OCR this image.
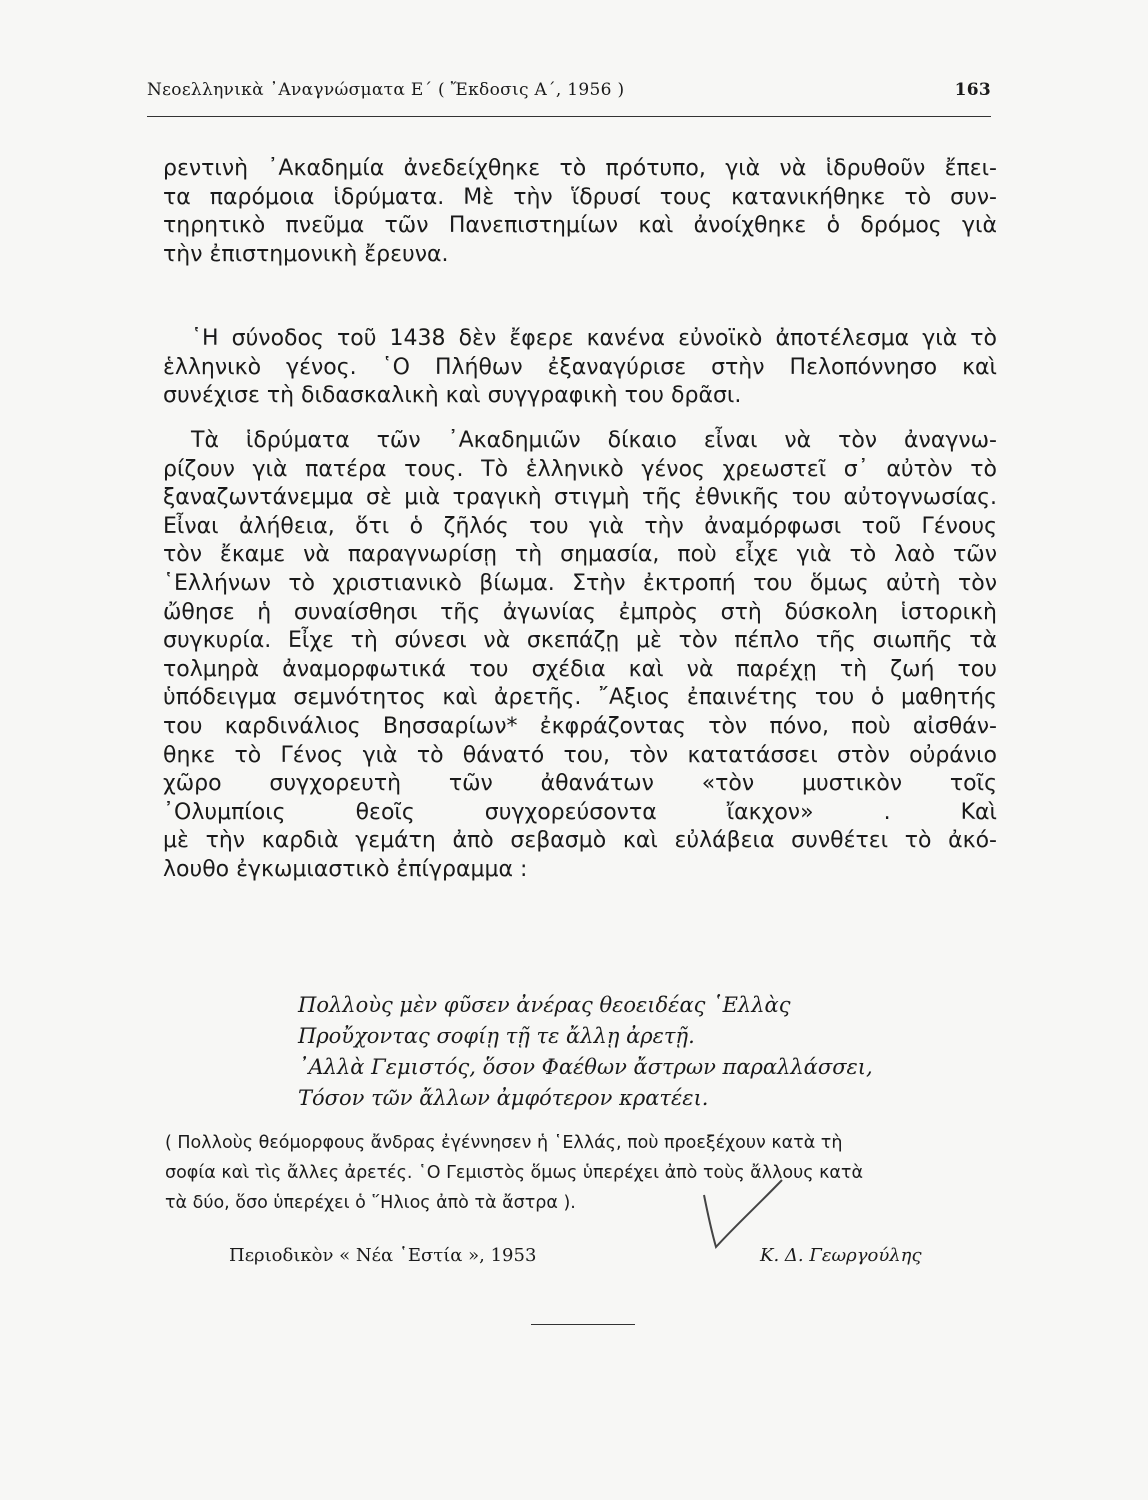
Νεοελληνικὰ ᾿Αναγνώσματα Ε΄ ( Ἔκδοσις Α΄, 1956 )	163
ρεντινὴ ᾿Ακαδημία ἀνεδείχθηκε τὸ πρότυπο, γιὰ νὰ ἱδρυθοῦν ἔπει-
τα παρόμοια ἱδρύματα. Μὲ τὴν ἵδρυσί τους κατανικήθηκε τὸ συν-
τηρητικὸ πνεῦμα τῶν Πανεπιστημίων καὶ ἀνοίχθηκε ὁ δρόμος γιὰ
τὴν ἐπιστημονικὴ ἔρευνα.
῾Η σύνοδος τοῦ 1438 δὲν ἔφερε κανένα εὐνοϊκὸ ἀποτέλεσμα γιὰ τὸ
ἑλληνικὸ γένος. ῾Ο Πλήθων ἐξαναγύρισε στὴν Πελοπόννησο καὶ
συνέχισε τὴ διδασκαλικὴ καὶ συγγραφικὴ του δρᾶσι.
Τὰ ἱδρύματα τῶν ᾿Ακαδημιῶν δίκαιο εἶναι νὰ τὸν ἀναγνω-
ρίζουν γιὰ πατέρα τους. Τὸ ἑλληνικὸ γένος χρεωστεῖ σ᾿ αὐτὸν τὸ
ξαναζωντάνεμμα σὲ μιὰ τραγικὴ στιγμὴ τῆς ἐθνικῆς του αὐτογνωσίας.
Εἶναι ἀλήθεια, ὅτι ὁ ζῆλός του γιὰ τὴν ἀναμόρφωσι τοῦ Γένους
τὸν ἔκαμε νὰ παραγνωρίσῃ τὴ σημασία, ποὺ εἶχε γιὰ τὸ λαὸ τῶν
῾Ελλήνων τὸ χριστιανικὸ βίωμα. Στὴν ἐκτροπή του ὅμως αὐτὴ τὸν
ὤθησε ἡ συναίσθησι τῆς ἀγωνίας ἐμπρὸς στὴ δύσκολη ἱστορικὴ
συγκυρία. Εἶχε τὴ σύνεσι νὰ σκεπάζῃ μὲ τὸν πέπλο τῆς σιωπῆς τὰ
τολμηρὰ ἀναμορφωτικά του σχέδια καὶ νὰ παρέχῃ τὴ ζωή του
ὑπόδειγμα σεμνότητος καὶ ἀρετῆς. ῎Αξιος ἐπαινέτης του ὁ μαθητής
του καρδινάλιος Βησσαρίων* ἐκφράζοντας τὸν πόνο, ποὺ αἰσθάν-
θηκε τὸ Γένος γιὰ τὸ θάνατό του, τὸν κατατάσσει στὸν οὐράνιο
χῶρο συγχορευτὴ τῶν ἀθανάτων «τὸν μυστικὸν τοῖς
᾿Ολυμπίοις θεοῖς συγχορεύσοντα ἴακχον» . Καὶ
μὲ τὴν καρδιὰ γεμάτη ἀπὸ σεβασμὸ καὶ εὐλάβεια συνθέτει τὸ ἀκό-
λουθο ἐγκωμιαστικὸ ἐπίγραμμα :
Πολλοὺς μὲν φῦσεν ἀνέρας θεοειδέας ῾Ελλὰς
Προὔχοντας σοφίῃ τῇ τε ἄλλῃ ἀρετῇ.
᾿Αλλὰ Γεμιστός, ὅσον Φαέθων ἄστρων παραλλάσσει,
Τόσον τῶν ἄλλων ἀμφότερον κρατέει.
( Πολλοὺς θεόμορφους ἄνδρας ἐγέννησεν ἡ ῾Ελλάς, ποὺ προεξέχουν κατὰ τὴ
σοφία καὶ τὶς ἄλλες ἀρετές. ῾Ο Γεμιστὸς ὅμως ὑπερέχει ἀπὸ τοὺς ἄλλους κατὰ
τὰ δύο, ὅσο ὑπερέχει ὁ ῞Ηλιος ἀπὸ τὰ ἄστρα ).
Περιοδικὸν « Νέα ῾Εστία », 1953	Κ. Δ. Γεωργούλης
